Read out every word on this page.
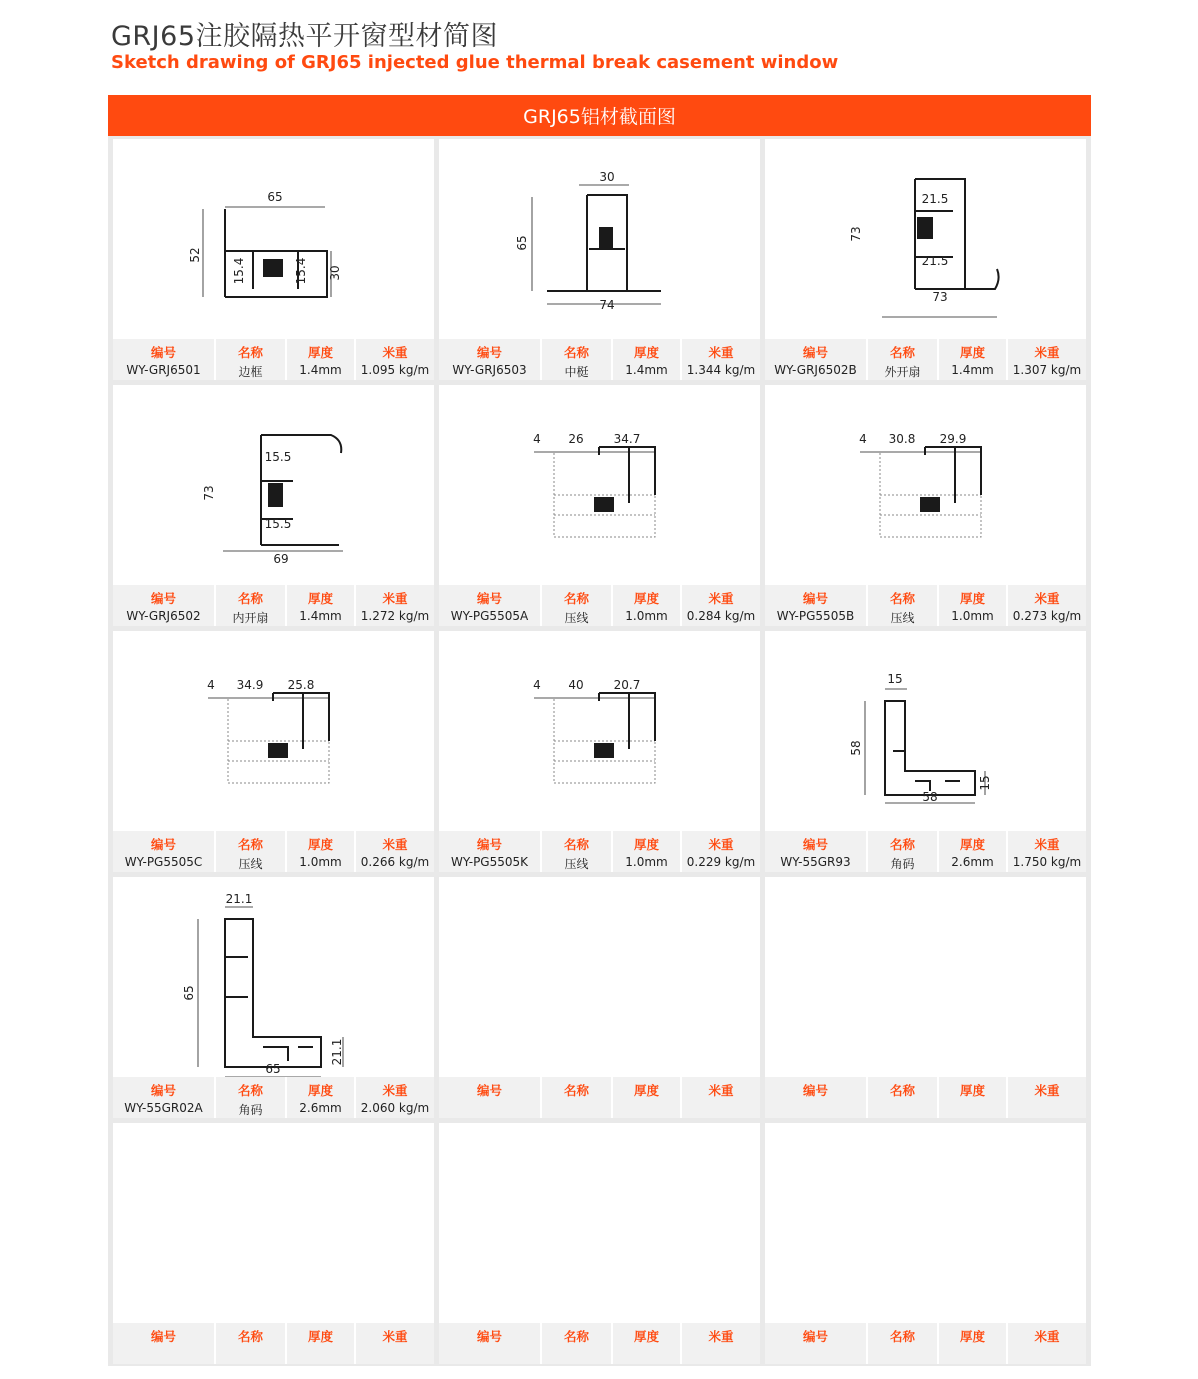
GRJ65注胶隔热平开窗型材简图
Sketch drawing of GRJ65 injected glue thermal break casement window
GRJ65铝材截面图
65
52
15.4	15.4 30
编号
WY-GRJ6501
名称
边框
厚度
1.4mm
米重
1.095 kg/m
30
65
74
编号
WY-GRJ6503
名称
中梃
厚度
1.4mm
米重
1.344 kg/m
21.5
73
21.5
73
编号
WY-GRJ6502B
名称
外开扇
厚度
1.4mm
米重
1.307 kg/m
15.5
73
15.5
69
编号
WY-GRJ6502
名称
内开扇
厚度
1.4mm
米重
1.272 kg/m
4 26	34.7
编号
WY-PG5505A
名称
压线
厚度
1.0mm
米重
0.284 kg/m
4 30.8 29.9
编号
WY-PG5505B
名称
压线
厚度
1.0mm
米重
0.273 kg/m
4 34.9 25.8
编号
WY-PG5505C
名称
压线
厚度
1.0mm
米重
0.266 kg/m
4 40	20.7
编号
WY-PG5505K
名称
压线
厚度
1.0mm
米重
0.229 kg/m
15
58
15
58
编号
WY-55GR93
名称
角码
厚度
2.6mm
米重
1.750 kg/m
21.1
65
21.1
65
编号
WY-55GR02A
名称
角码
厚度
2.6mm
米重
2.060 kg/m
编号	名称	厚度	米重	编号	名称	厚度	米重
编号	名称	厚度	米重	编号	名称	厚度	米重	编号	名称	厚度	米重
